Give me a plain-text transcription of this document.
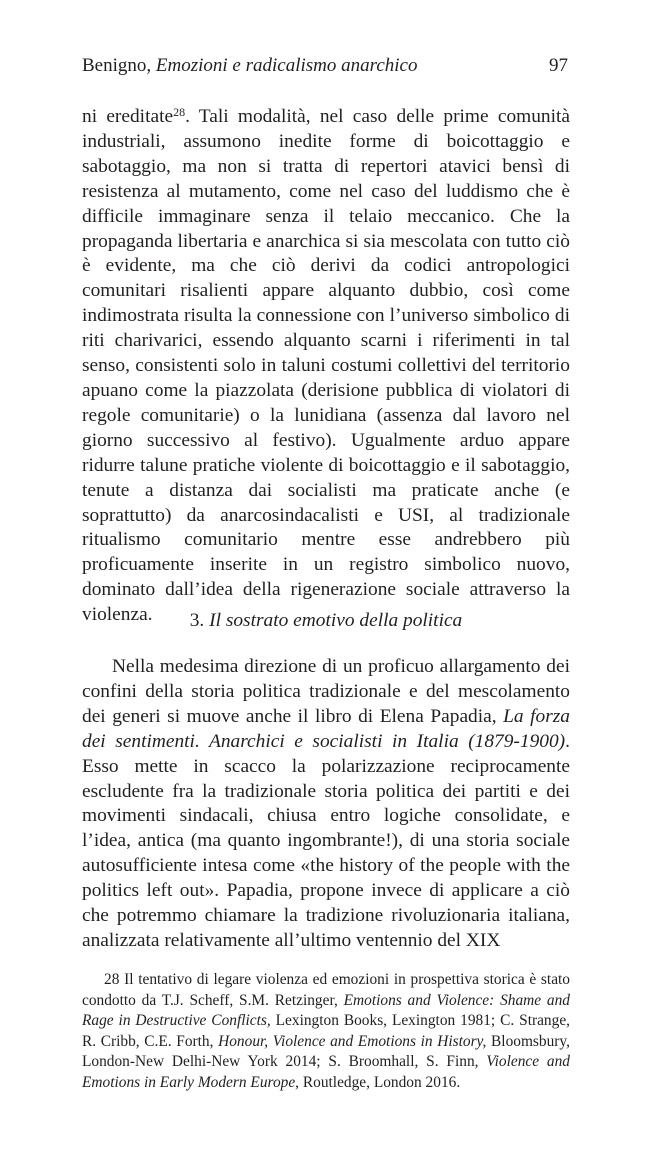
Benigno, Emozioni e radicalismo anarchico	97

ni ereditate$^{28}$. Tali modalità, nel caso delle prime comunità industriali, assumono inedite forme di boicottaggio e sabotaggio, ma non si tratta di repertori atavici bensì di resistenza al mutamento, come nel caso del luddismo che è difficile immaginare senza il telaio meccanico. Che la propaganda libertaria e anarchica si sia mescolata con tutto ciò è evidente, ma che ciò derivi da codici antropologici comunitari risalienti appare alquanto dubbio, così come indimostrata risulta la connessione con l’universo simbolico di riti charivarici, essendo alquanto scarni i riferimenti in tal senso, consistenti solo in taluni costumi collettivi del territorio apuano come la piazzolata (derisione pubblica di violatori di regole comunitarie) o la lunidiana (assenza dal lavoro nel giorno successivo al festivo). Ugualmente arduo appare ridurre talune pratiche violente di boicottaggio e il sabotaggio, tenute a distanza dai socialisti ma praticate anche (e soprattutto) da anarcosindacalisti e USI, al tradizionale ritualismo comunitario mentre esse andrebbero più proficuamente inserite in un registro simbolico nuovo, dominato dall’idea della rigenerazione sociale attraverso la violenza.	3. Il sostrato emotivo della politica

Nella medesima direzione di un proficuo allargamento dei confini della storia politica tradizionale e del mescolamento dei generi si muove anche il libro di Elena Papadia, La forza dei sentimenti. Anarchici e socialisti in Italia (1879-1900). Esso mette in scacco la polarizzazione reciprocamente escludente fra la tradizionale storia politica dei partiti e dei movimenti sindacali, chiusa entro logiche consolidate, e l’idea, antica (ma quanto ingombrante!), di una storia sociale autosufficiente intesa come «the history of the people with the politics left out». Papadia, propone invece di applicare a ciò che potremmo chiamare la tradizione rivoluzionaria italiana, analizzata relativamente all’ultimo ventennio del XIX

28 Il tentativo di legare violenza ed emozioni in prospettiva storica è stato condotto da T.J. Scheff, S.M. Retzinger, Emotions and Violence: Shame and Rage in Destructive Conflicts, Lexington Books, Lexington 1981; C. Strange, R. Cribb, C.E. Forth, Honour, Violence and Emotions in History, Bloomsbury, London-New Delhi-New York 2014; S. Broomhall, S. Finn, Violence and Emotions in Early Modern Europe, Routledge, London 2016.
